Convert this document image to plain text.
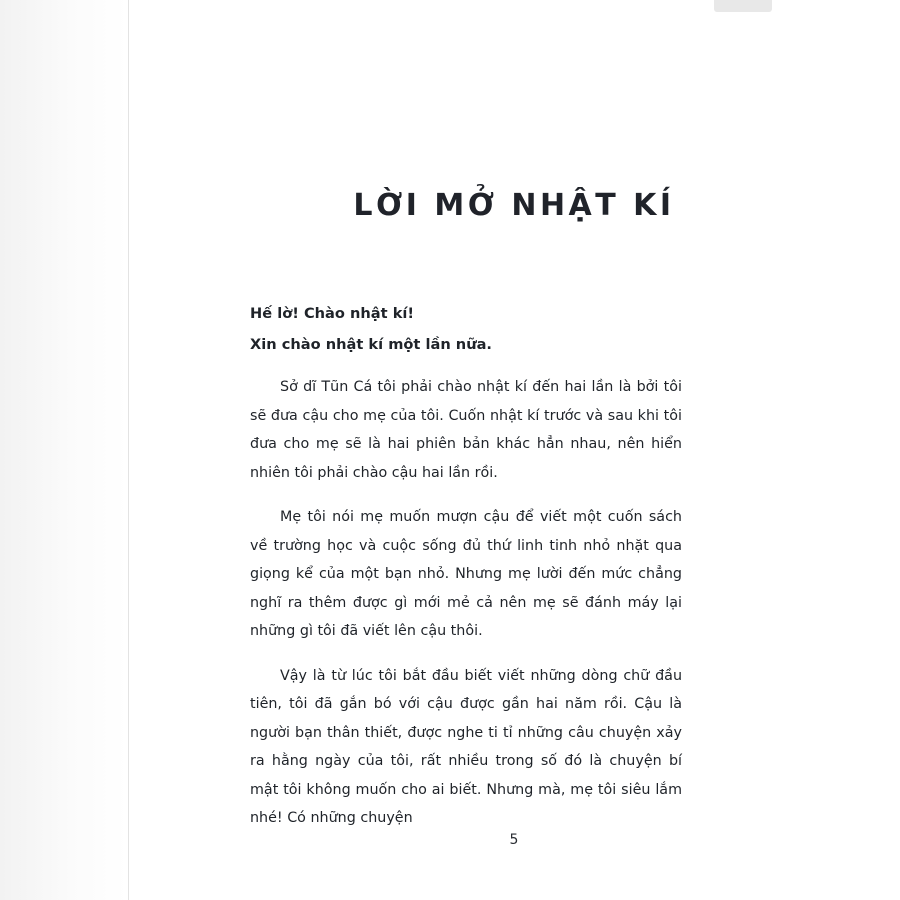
LỜI MỞ NHẬT KÍ

Hế lờ! Chào nhật kí!

Xin chào nhật kí một lần nữa.

Sở dĩ Tũn Cá tôi phải chào nhật kí đến hai lần là bởi tôi sẽ đưa cậu cho mẹ của tôi. Cuốn nhật kí trước và sau khi tôi đưa cho mẹ sẽ là hai phiên bản khác hẳn nhau, nên hiển nhiên tôi phải chào cậu hai lần rồi.

Mẹ tôi nói mẹ muốn mượn cậu để viết một cuốn sách về trường học và cuộc sống đủ thứ linh tinh nhỏ nhặt qua giọng kể của một bạn nhỏ. Nhưng mẹ lười đến mức chẳng nghĩ ra thêm được gì mới mẻ cả nên mẹ sẽ đánh máy lại những gì tôi đã viết lên cậu thôi.

Vậy là từ lúc tôi bắt đầu biết viết những dòng chữ đầu tiên, tôi đã gắn bó với cậu được gần hai năm rồi. Cậu là người bạn thân thiết, được nghe ti tỉ những câu chuyện xảy ra hằng ngày của tôi, rất nhiều trong số đó là chuyện bí mật tôi không muốn cho ai biết. Nhưng mà, mẹ tôi siêu lắm nhé! Có những chuyện

5
